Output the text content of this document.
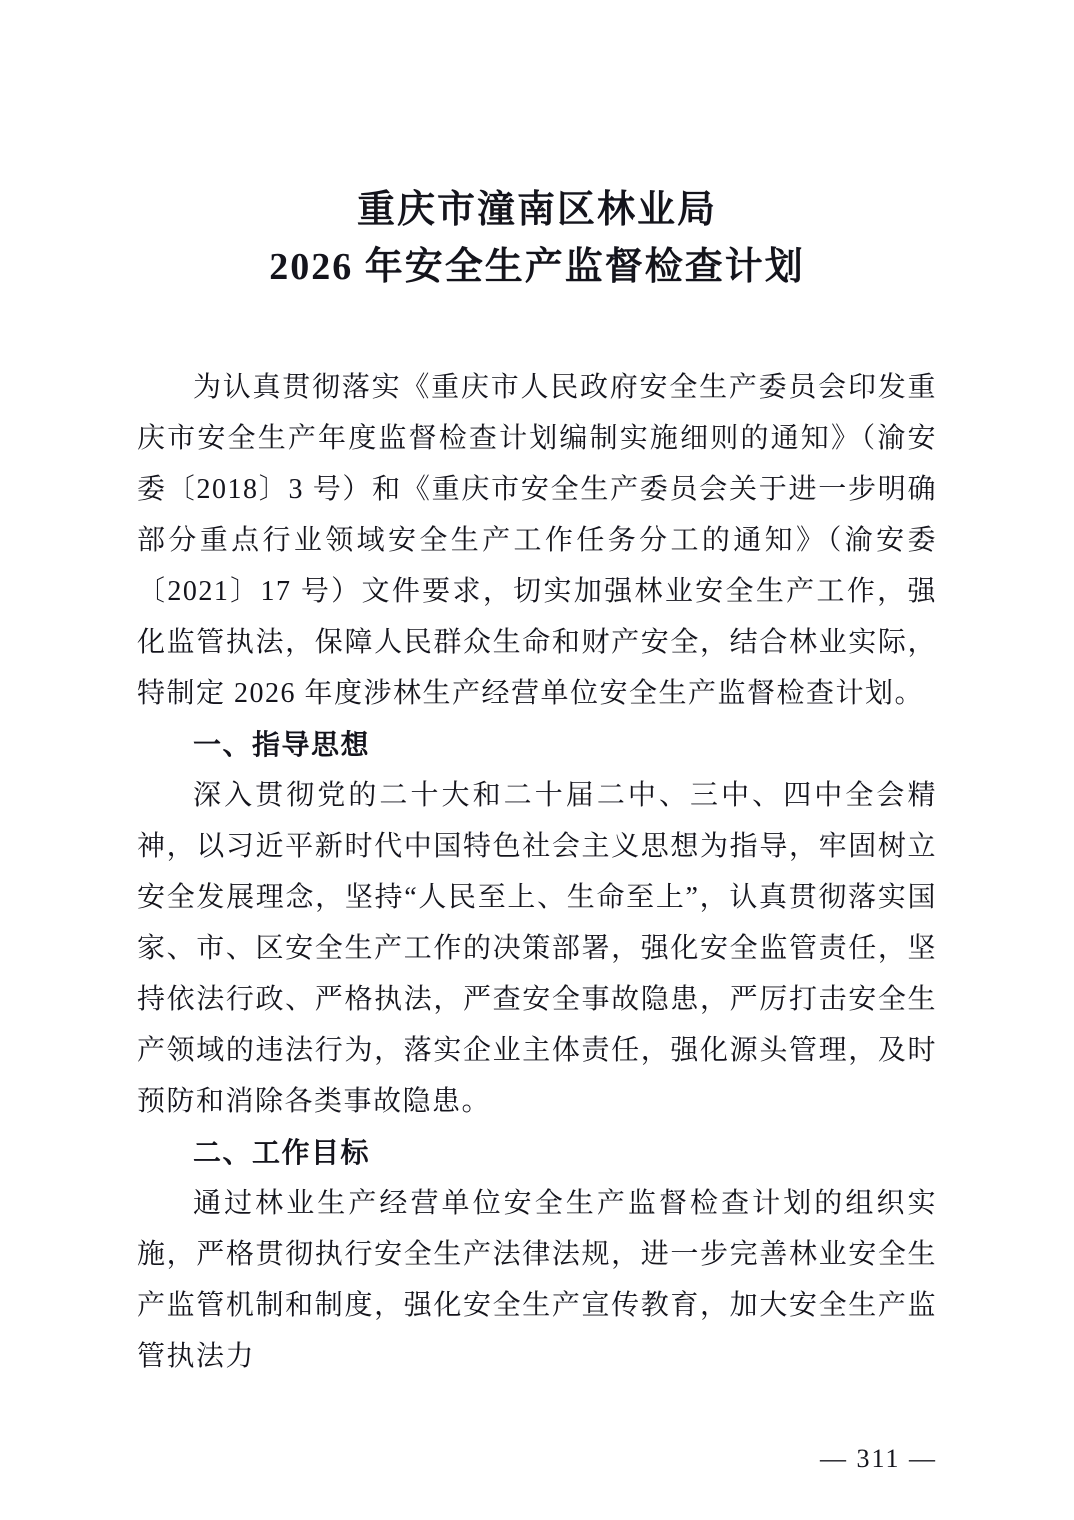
重庆市潼南区林业局
2026 年安全生产监督检查计划

为认真贯彻落实《重庆市人民政府安全生产委员会印发重庆市安全生产年度监督检查计划编制实施细则的通知》（渝安委〔2018〕3 号）和《重庆市安全生产委员会关于进一步明确部分重点行业领域安全生产工作任务分工的通知》（渝安委〔2021〕17 号）文件要求，切实加强林业安全生产工作，强化监管执法，保障人民群众生命和财产安全，结合林业实际，特制定 2026 年度涉林生产经营单位安全生产监督检查计划。

一、指导思想

深入贯彻党的二十大和二十届二中、三中、四中全会精神，以习近平新时代中国特色社会主义思想为指导，牢固树立安全发展理念，坚持“人民至上、生命至上”，认真贯彻落实国家、市、区安全生产工作的决策部署，强化安全监管责任，坚持依法行政、严格执法，严查安全事故隐患，严厉打击安全生产领域的违法行为，落实企业主体责任，强化源头管理，及时预防和消除各类事故隐患。

二、工作目标

通过林业生产经营单位安全生产监督检查计划的组织实施，严格贯彻执行安全生产法律法规，进一步完善林业安全生产监管机制和制度，强化安全生产宣传教育，加大安全生产监管执法力

— 311 —
